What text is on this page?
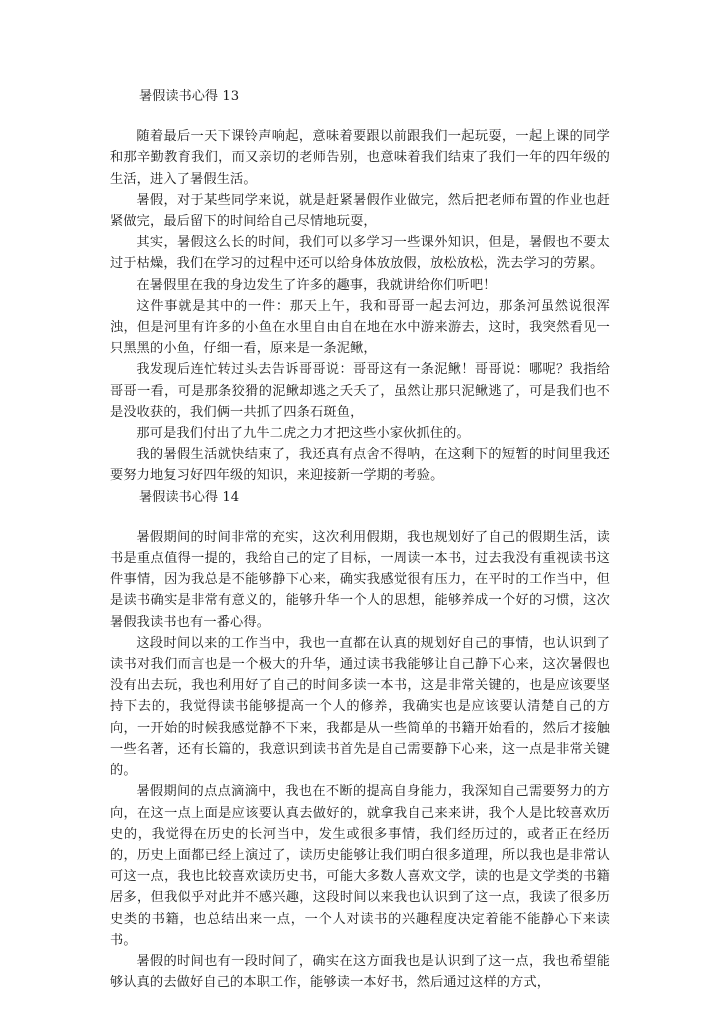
暑假读书心得 13

随着最后一天下课铃声响起，意味着要跟以前跟我们一起玩耍，一起上课的同学和那辛勤教育我们，而又亲切的老师告别，也意味着我们结束了我们一年的四年级的生活，进入了暑假生活。

暑假，对于某些同学来说，就是赶紧暑假作业做完，然后把老师布置的作业也赶紧做完，最后留下的时间给自己尽情地玩耍，

其实，暑假这么长的时间，我们可以多学习一些课外知识，但是，暑假也不要太过于枯燥，我们在学习的过程中还可以给身体放放假，放松放松，洗去学习的劳累。

在暑假里在我的身边发生了许多的趣事，我就讲给你们听吧！

这件事就是其中的一件：那天上午，我和哥哥一起去河边，那条河虽然说很浑浊，但是河里有许多的小鱼在水里自由自在地在水中游来游去，这时，我突然看见一只黑黑的小鱼，仔细一看，原来是一条泥鳅，

我发现后连忙转过头去告诉哥哥说：哥哥这有一条泥鳅！哥哥说：哪呢？我指给哥哥一看，可是那条狡猾的泥鳅却逃之夭夭了，虽然让那只泥鳅逃了，可是我们也不是没收获的，我们俩一共抓了四条石斑鱼，

那可是我们付出了九牛二虎之力才把这些小家伙抓住的。

我的暑假生活就快结束了，我还真有点舍不得呐，在这剩下的短暂的时间里我还要努力地复习好四年级的知识，来迎接新一学期的考验。

暑假读书心得 14

暑假期间的时间非常的充实，这次利用假期，我也规划好了自己的假期生活，读书是重点值得一提的，我给自己的定了目标，一周读一本书，过去我没有重视读书这件事情，因为我总是不能够静下心来，确实我感觉很有压力，在平时的工作当中，但是读书确实是非常有意义的，能够升华一个人的思想，能够养成一个好的习惯，这次暑假我读书也有一番心得。

这段时间以来的工作当中，我也一直都在认真的规划好自己的事情，也认识到了读书对我们而言也是一个极大的升华，通过读书我能够让自己静下心来，这次暑假也没有出去玩，我也利用好了自己的时间多读一本书，这是非常关键的，也是应该要坚持下去的，我觉得读书能够提高一个人的修养，我确实也是应该要认清楚自己的方向，一开始的时候我感觉静不下来，我都是从一些简单的书籍开始看的，然后才接触一些名著，还有长篇的，我意识到读书首先是自己需要静下心来，这一点是非常关键的。

暑假期间的点点滴滴中，我也在不断的提高自身能力，我深知自己需要努力的方向，在这一点上面是应该要认真去做好的，就拿我自己来来讲，我个人是比较喜欢历史的，我觉得在历史的长河当中，发生或很多事情，我们经历过的，或者正在经历的，历史上面都已经上演过了，读历史能够让我们明白很多道理，所以我也是非常认可这一点，我也比较喜欢读历史书，可能大多数人喜欢文学，读的也是文学类的书籍居多，但我似乎对此并不感兴趣，这段时间以来我也认识到了这一点，我读了很多历史类的书籍，也总结出来一点，一个人对读书的兴趣程度决定着能不能静心下来读书。

暑假的时间也有一段时间了，确实在这方面我也是认识到了这一点，我也希望能够认真的去做好自己的本职工作，能够读一本好书，然后通过这样的方式，
